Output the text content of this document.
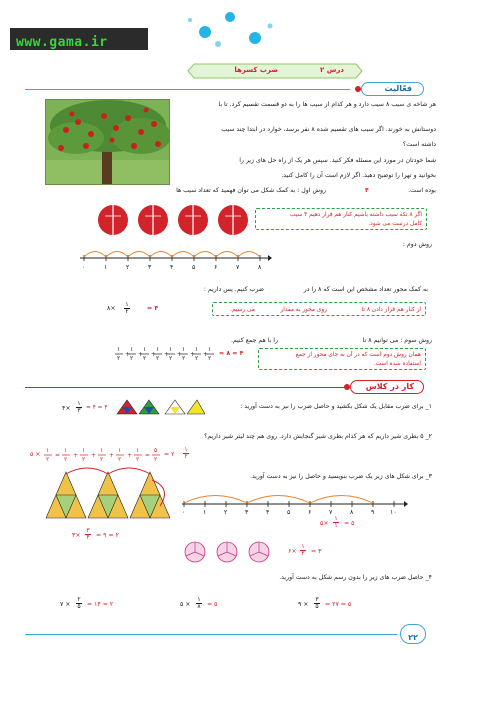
www.gama.ir
درس ۲
ضرب کسرها
فعّالیت
هر شاخه ی سیب ۸ سیب دارد و هر کدام از سیب ها را به دو قسمت تقسیم کرد. تا با
دوستانش به خورند. اگر سیب های تقسیم شده ۸ نفر برسد، خوارد در ابتدا چند سیب
داشته است؟
شما خودتان در مورد این مسئله فکر کنید. سپس هر یک از راه حل های زیر را
بخوانید و تهرا را توضیح دهید. اگر لازم است آن را کامل کنید.
روش اول : به کمک شکل می توان فهمید که تعداد سیب ها	بوده است.
۴
اگر ۸ تکه سیب داشته باشیم کنار هم قرار دهیم ۴ سیب
کامل درست می شود.
۰	۱	۲	۳	۴	۵	۶	۷	۸
روش دوم :
به کمک محور تعداد مشخص این است که ۸ را در
ضرب کنیم. پس داریم :
۸×
۱
۲	= ۴	از کنار هم قرار دادن ۸ تا
روی محور به مقدار
می رسیم.
روش سوم : می توانیم ۸ تا
را با هم جمع کنیم.
۱
۲
+
۱
۲
+
۱
۲
+
۱
۲
+
۱
۲
+
۱
۲
+
۱
۲
+
۱
۲
= ۸ = ۴	همان روش دوم است که در آن به جای محور از جمع
استفاده شده است.
کار در کلاس
۱_ برای ضرب مقابل یک شکل بکشید و حاصل ضرب را نیز به دست آورید :
۴×
۱
۳ = ۴ = ۴
۲_ ۵ بطری شیر داریم که هر کدام بطری شیر گنجایش دارد. روی هم چند لیتر شیر داریم؟
۵ ×
۱
۲
=
۱
۲
+
۱
۲
+
۱
۲
+
۱
۲
+
۱
۲
=
۵
۲
= ۲
۱
۲
۳_ برای شکل های زیر یک ضرب بنویسید و حاصل را نیز به دست آورید.
۰	۱	۲	۳	۴	۵	۶	۷	۸	۹	۱۰
۵×
۱
۱ = ۵
۳×
۳
۴ = ۹ = ۲
۶×
۱
۳ = ۳
۴_ حاصل ضرب های زیر را بدون رسم شکل به دست آورید.
۷ ×
۲
۵ = ۱۴ = ۲	۵ ×
۱
۸ = ۵	۹ ×
۳
۵ = ۲۷ = ۵
۲۲
